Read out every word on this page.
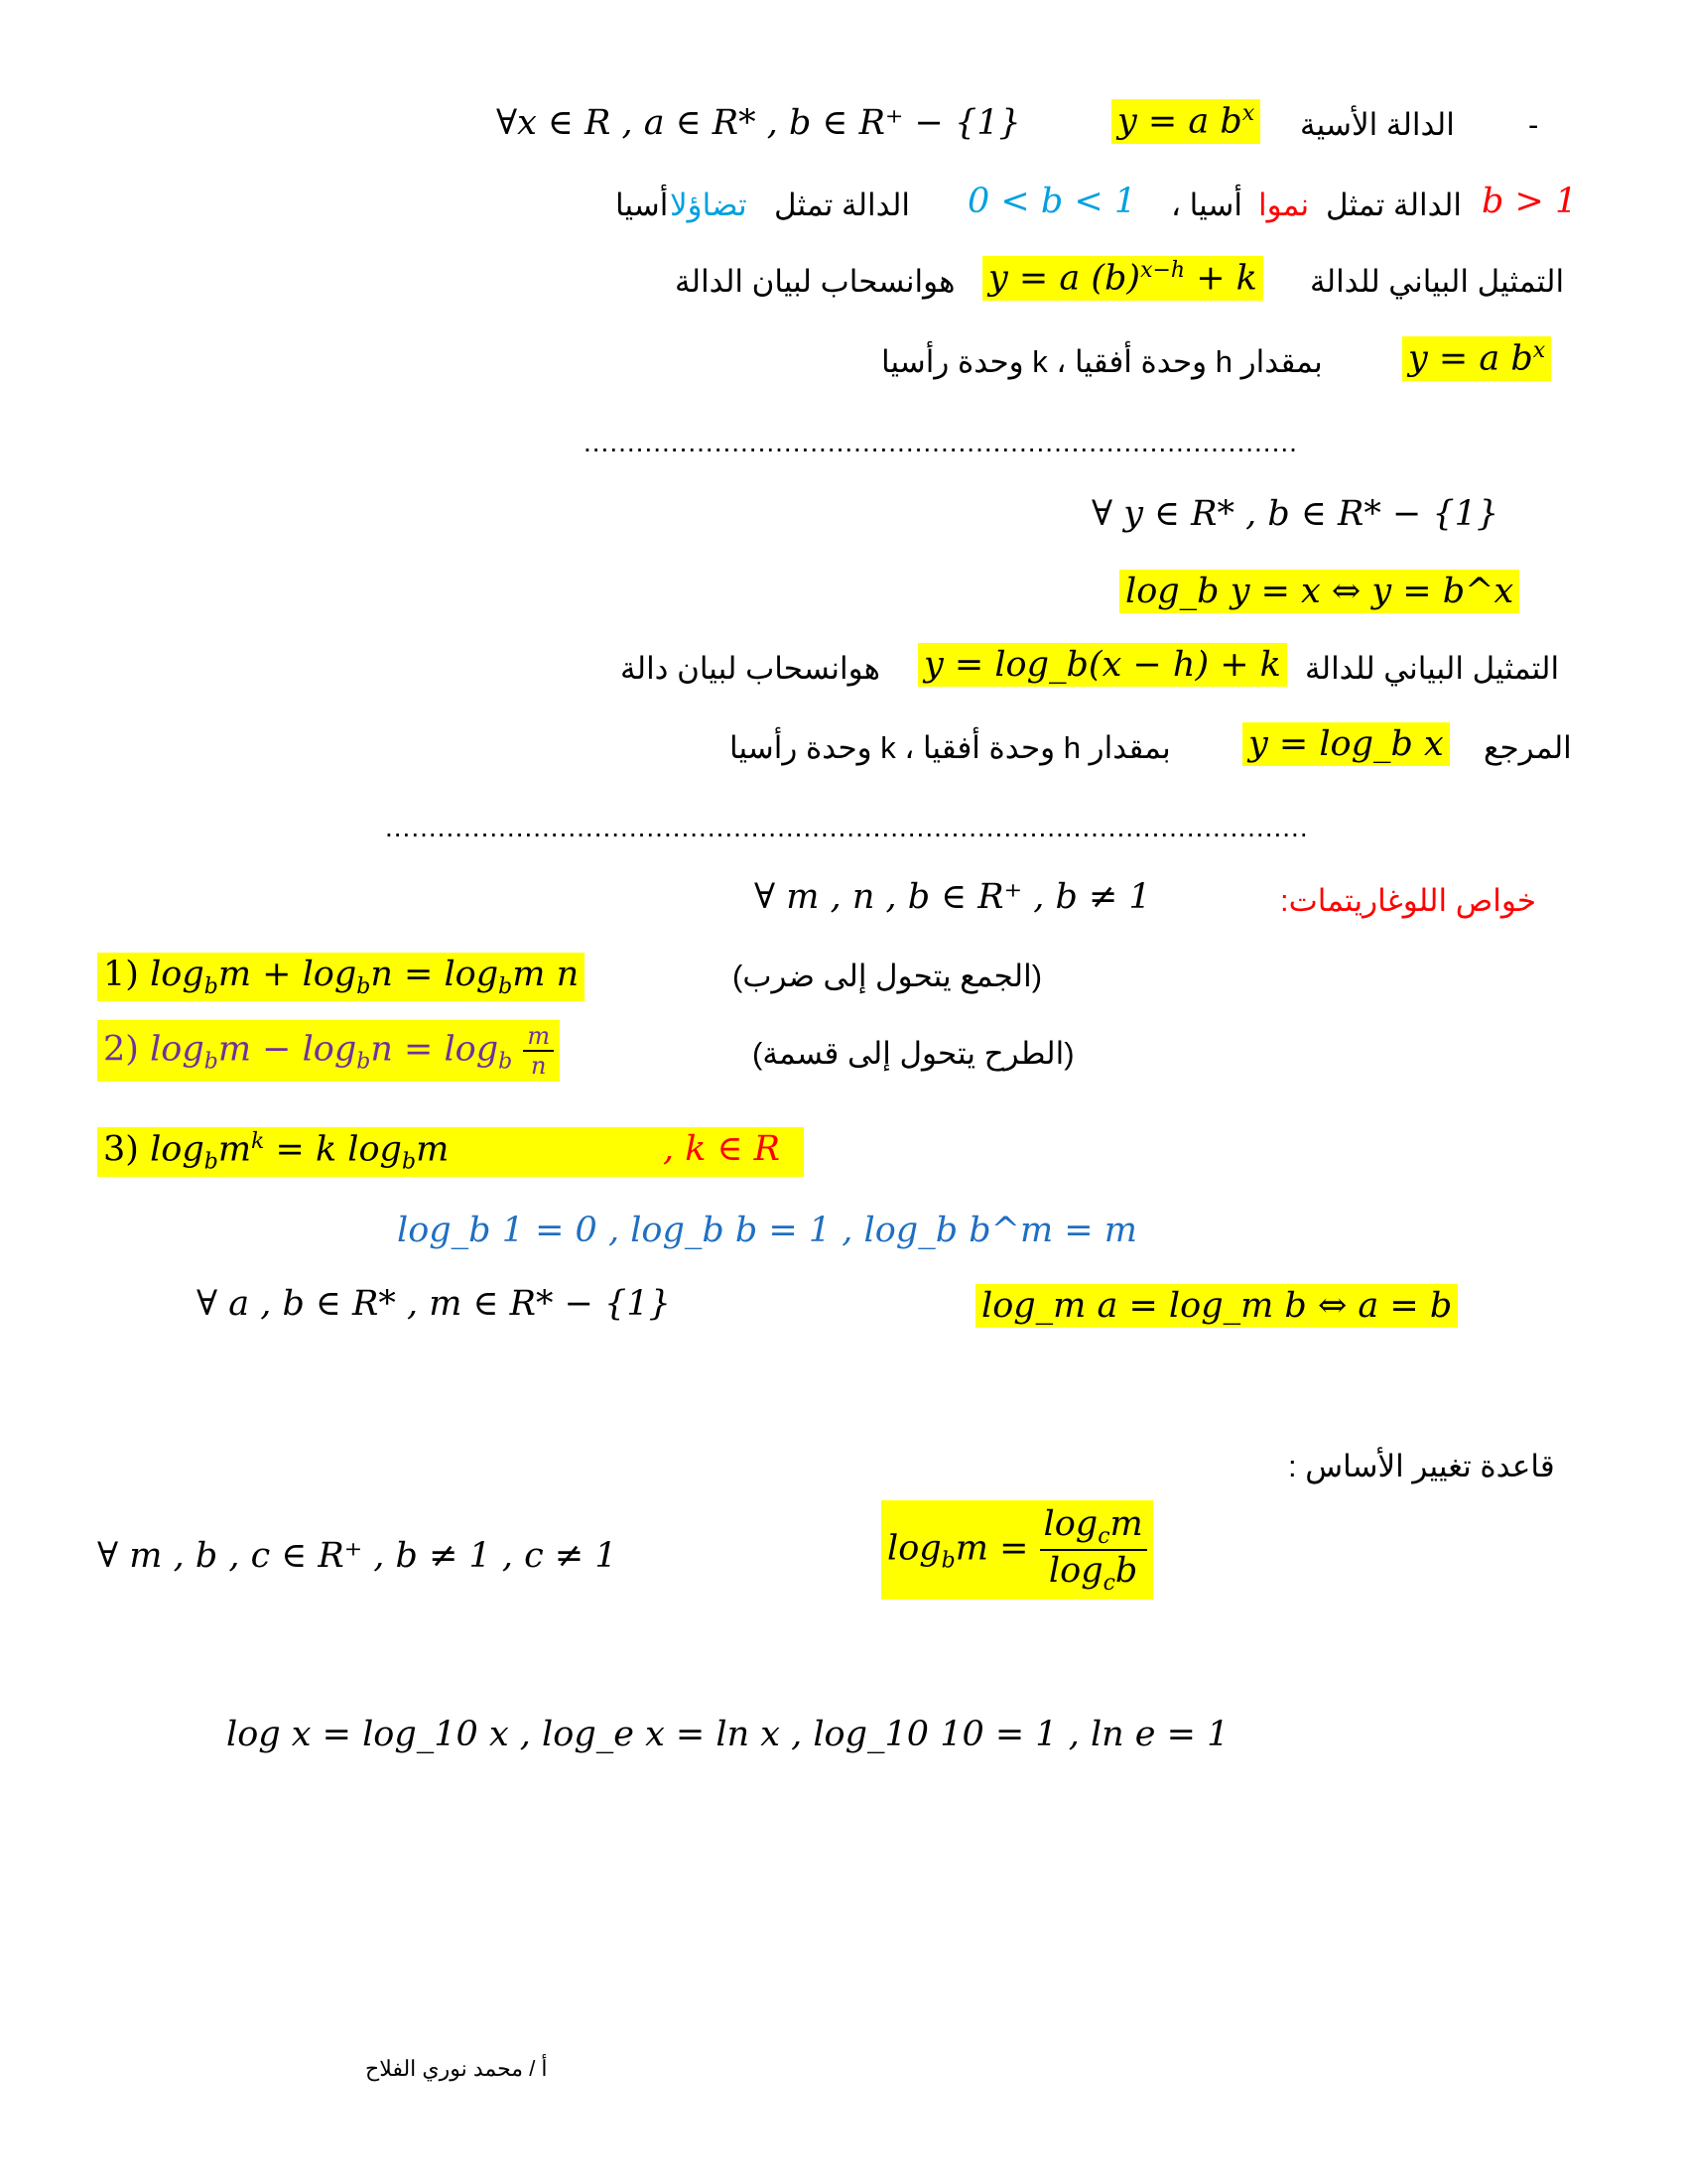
∀x ∈ R , a ∈ R* , b ∈ R⁺ − {1}	y = a $b^x$ الدالة الأسية -
أسيا تضاؤلا الدالة تمثل 0 < b < 1 أسيا ، نموا الدالة تمثل b > 1
هوانسحاب لبيان الدالة y = a $(b)^{x-h} + k$ التمثيل البياني للدالة
بمقدار h وحدة أفقيا ، k وحدة رأسيا y = a $b^x$
..................................................................................
∀ y ∈ R* , b ∈ R* − {1}
log_b y = x ⇔ y = b^x
هوانسحاب لبيان دالة y = log_b(x − h) + k التمثيل البياني للدالة
بمقدار h وحدة أفقيا ، k وحدة رأسيا y = log_b x المرجع
..........................................................................................................
∀ m , n , b ∈ R⁺ , b ≠ 1	خواص اللوغاريتمات:
1) $\log_bm + \log_bn = \log_bm$ n	(الجمع يتحول إلى ضرب)
2) $\log_bm - \log_bn = \log_b \frac{m}{n}$	(الطرح يتحول إلى قسمة)
3) $\log_bm^k = k$ $\log_bm$	, k ∈ R
log_b 1 = 0 , log_b b = 1 , log_b b^m = m
∀ a , b ∈ R* , m ∈ R* − {1}	log_m a = log_m b ⇔ a = b
قاعدة تغيير الأساس :
∀ m , b , c ∈ R⁺ , b ≠ 1 , c ≠ 1	$\log_bm = \frac{\log_cm}{\log_cb}$
log x = log_10 x , log_e x = ln x , log_10 10 = 1 , ln e = 1
أ / محمد نوري الفلاح
